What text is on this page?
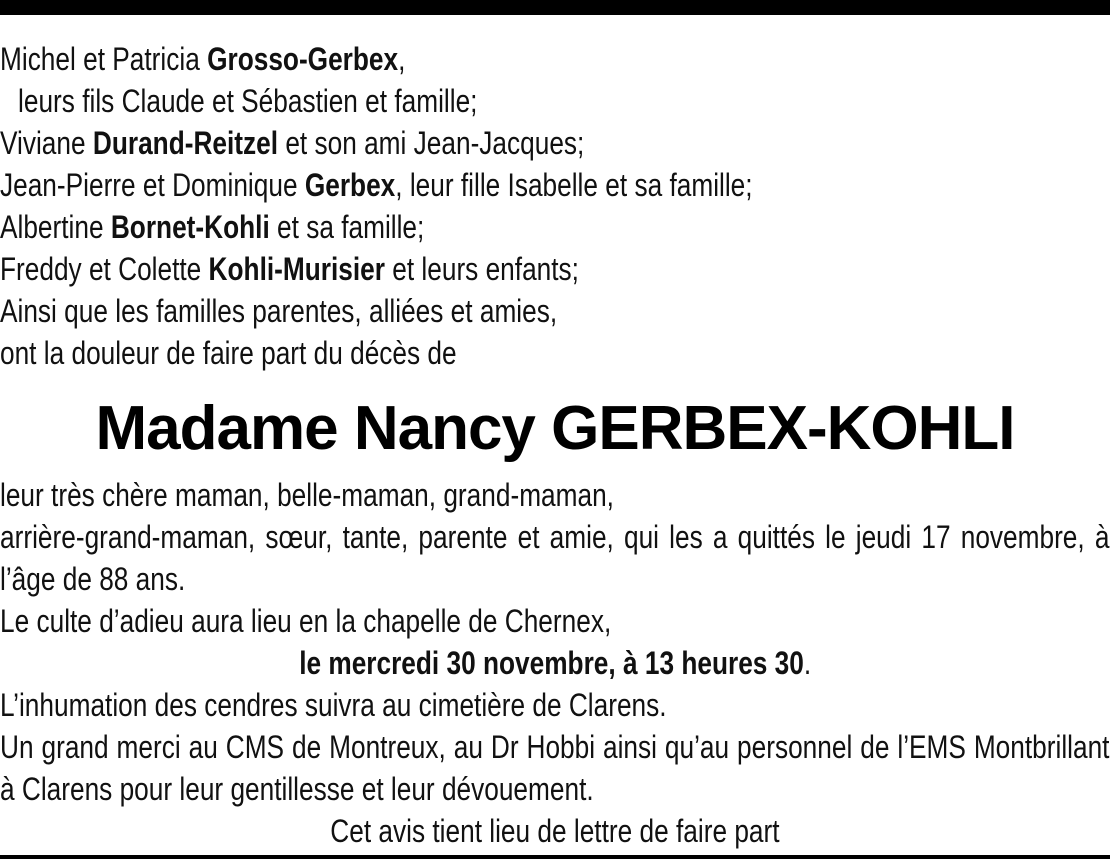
Michel et Patricia Grosso-Gerbex,
leurs fils Claude et Sébastien et famille;
Viviane Durand-Reitzel et son ami Jean-Jacques;
Jean-Pierre et Dominique Gerbex, leur fille Isabelle et sa famille;
Albertine Bornet-Kohli et sa famille;
Freddy et Colette Kohli-Murisier et leurs enfants;
Ainsi que les familles parentes, alliées et amies,
ont la douleur de faire part du décès de
Madame Nancy GERBEX-KOHLI
leur très chère maman, belle-maman, grand-maman,
arrière-grand-maman, sœur, tante, parente et amie, qui les a quittés le jeudi 17 novembre, à l’âge de 88 ans.
Le culte d’adieu aura lieu en la chapelle de Chernex,
le mercredi 30 novembre, à 13 heures 30.
L’inhumation des cendres suivra au cimetière de Clarens.
Un grand merci au CMS de Montreux, au Dr Hobbi ainsi qu’au personnel de l’EMS Montbrillant à Clarens pour leur gentillesse et leur dévouement.
Cet avis tient lieu de lettre de faire part
